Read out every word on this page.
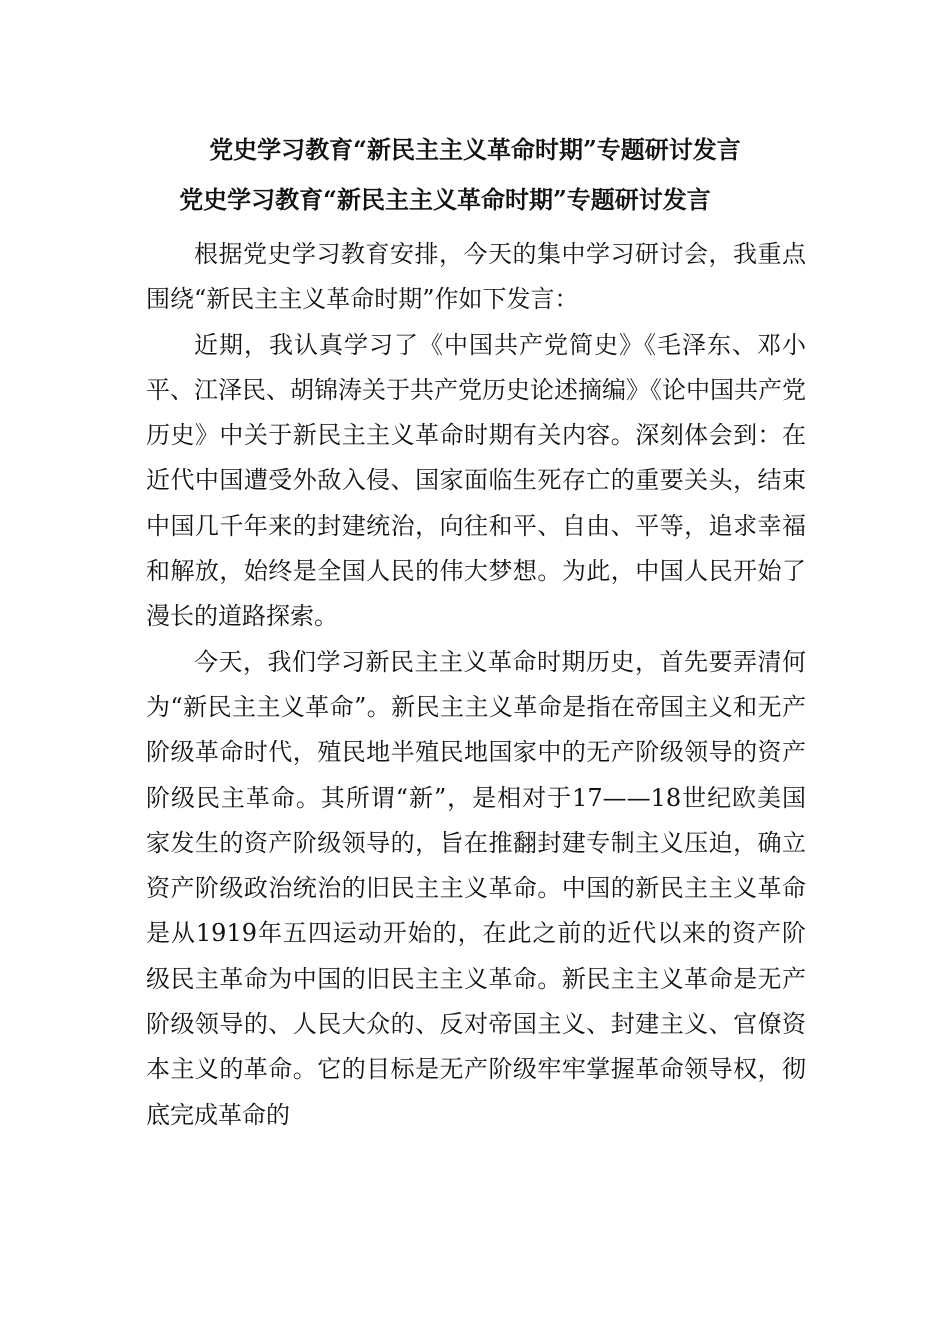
党史学习教育“新民主主义革命时期”专题研讨发言
党史学习教育“新民主主义革命时期”专题研讨发言

根据党史学习教育安排，今天的集中学习研讨会，我重点围绕“新民主主义革命时期”作如下发言：

近期，我认真学习了《中国共产党简史》《毛泽东、邓小平、江泽民、胡锦涛关于共产党历史论述摘编》《论中国共产党历史》中关于新民主主义革命时期有关内容。深刻体会到：在近代中国遭受外敌入侵、国家面临生死存亡的重要关头，结束中国几千年来的封建统治，向往和平、自由、平等，追求幸福和解放，始终是全国人民的伟大梦想。为此，中国人民开始了漫长的道路探索。

今天，我们学习新民主主义革命时期历史，首先要弄清何为“新民主主义革命”。新民主主义革命是指在帝国主义和无产阶级革命时代，殖民地半殖民地国家中的无产阶级领导的资产阶级民主革命。其所谓“新”，是相对于17——18世纪欧美国家发生的资产阶级领导的，旨在推翻封建专制主义压迫，确立资产阶级政治统治的旧民主主义革命。中国的新民主主义革命是从1919年五四运动开始的，在此之前的近代以来的资产阶级民主革命为中国的旧民主主义革命。新民主主义革命是无产阶级领导的、人民大众的、反对帝国主义、封建主义、官僚资本主义的革命。它的目标是无产阶级牢牢掌握革命领导权，彻底完成革命的
